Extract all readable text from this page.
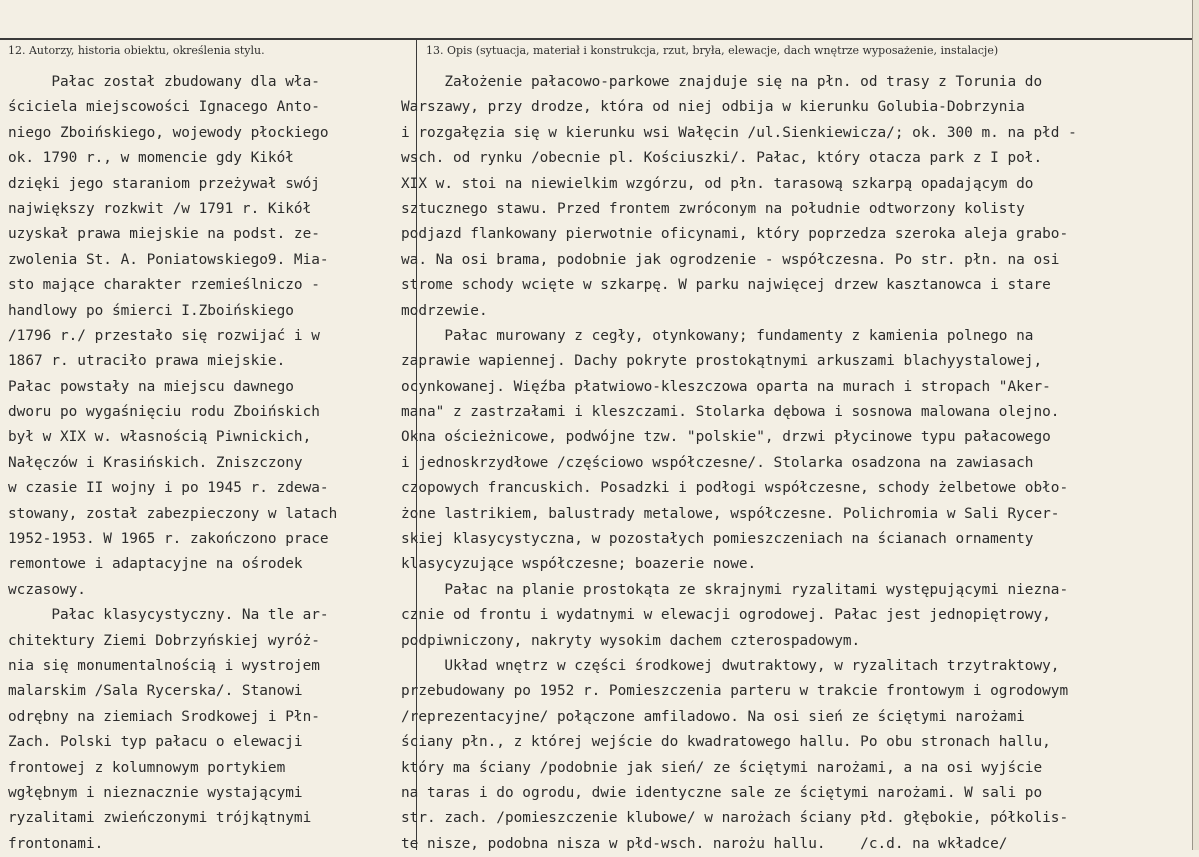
12. Autorzy, historia obiektu, określenia stylu.	13. Opis (sytuacja, materiał i konstrukcja, rzut, bryła, elewacje, dach wnętrze wyposażenie, instalacje)
Pałac został zbudowany dla wła-
ściciela miejscowości Ignacego Anto-
niego Zboińskiego, wojewody płockiego
ok. 1790 r., w momencie gdy Kikół
dzięki jego staraniom przeżywał swój
największy rozkwit /w 1791 r. Kikół
uzyskał prawa miejskie na podst. ze-
zwolenia St. A. Poniatowskiego9. Mia-
sto mające charakter rzemieślniczo -
handlowy po śmierci I.Zboińskiego
/1796 r./ przestało się rozwijać i w
1867 r. utraciło prawa miejskie.
Pałac powstały na miejscu dawnego
dworu po wygaśnięciu rodu Zboińskich
był w XIX w. własnością Piwnickich,
Nałęczów i Krasińskich. Zniszczony
w czasie II wojny i po 1945 r. zdewa-
stowany, został zabezpieczony w latach
1952-1953. W 1965 r. zakończono prace
remontowe i adaptacyjne na ośrodek
wczasowy.
Pałac klasycystyczny. Na tle ar-
chitektury Ziemi Dobrzyńskiej wyróż-
nia się monumentalnością i wystrojem
malarskim /Sala Rycerska/. Stanowi
odrębny na ziemiach Srodkowej i Płn-
Zach. Polski typ pałacu o elewacji
frontowej z kolumnowym portykiem
wgłębnym i nieznacznie wystającymi
ryzalitami zwieńczonymi trójkątnymi
frontonami.
Założenie pałacowo-parkowe znajduje się na płn. od trasy z Torunia do
Warszawy, przy drodze, która od niej odbija w kierunku Golubia-Dobrzynia
i rozgałęzia się w kierunku wsi Wałęcin /ul.Sienkiewicza/; ok. 300 m. na płd -
wsch. od rynku /obecnie pl. Kościuszki/. Pałac, który otacza park z I poł.
XIX w. stoi na niewielkim wzgórzu, od płn. tarasową szkarpą opadającym do
sztucznego stawu. Przed frontem zwróconym na południe odtworzony kolisty
podjazd flankowany pierwotnie oficynami, który poprzedza szeroka aleja grabo-
wa. Na osi brama, podobnie jak ogrodzenie - współczesna. Po str. płn. na osi
strome schody wcięte w szkarpę. W parku najwięcej drzew kasztanowca i stare
modrzewie.
Pałac murowany z cegły, otynkowany; fundamenty z kamienia polnego na
zaprawie wapiennej. Dachy pokryte prostokątnymi arkuszami blachyystalowej,
ocynkowanej. Więźba płatwiowo-kleszczowa oparta na murach i stropach "Aker-
mana" z zastrzałami i kleszczami. Stolarka dębowa i sosnowa malowana olejno.
Okna ościeżnicowe, podwójne tzw. "polskie", drzwi płycinowe typu pałacowego
i jednoskrzydłowe /częściowo współczesne/. Stolarka osadzona na zawiasach
czopowych francuskich. Posadzki i podłogi współczesne, schody żelbetowe obło-
żone lastrikiem, balustrady metalowe, współczesne. Polichromia w Sali Rycer-
skiej klasycystyczna, w pozostałych pomieszczeniach na ścianach ornamenty
klasycyzujące współczesne; boazerie nowe.
Pałac na planie prostokąta ze skrajnymi ryzalitami występującymi niezna-
cznie od frontu i wydatnymi w elewacji ogrodowej. Pałac jest jednopiętrowy,
podpiwniczony, nakryty wysokim dachem czterospadowym.
Układ wnętrz w części środkowej dwutraktowy, w ryzalitach trzytraktowy,
przebudowany po 1952 r. Pomieszczenia parteru w trakcie frontowym i ogrodowym
/reprezentacyjne/ połączone amfiladowo. Na osi sień ze ściętymi narożami
ściany płn., z której wejście do kwadratowego hallu. Po obu stronach hallu,
który ma ściany /podobnie jak sień/ ze ściętymi narożami, a na osi wyjście
na taras i do ogrodu, dwie identyczne sale ze ściętymi narożami. W sali po
str. zach. /pomieszczenie klubowe/ w narożach ściany płd. głębokie, półkolis-
te nisze, podobna nisza w płd-wsch. narożu hallu.    /c.d. na wkładce/
